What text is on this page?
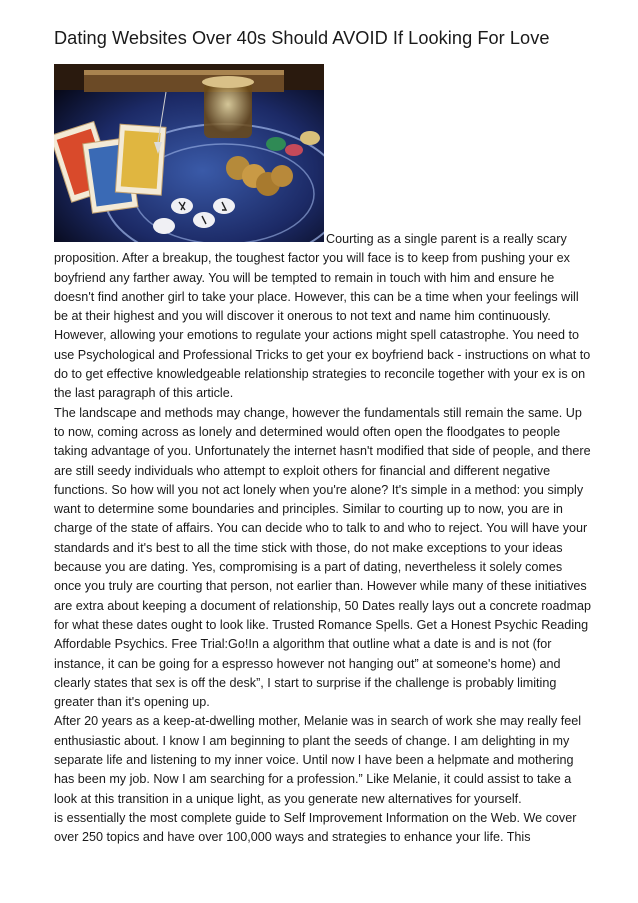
Dating Websites Over 40s Should AVOID If Looking For Love

Courting as a single parent is a really scary proposition. After a breakup, the toughest factor you will face is to keep from pushing your ex boyfriend any farther away. You will be tempted to remain in touch with him and ensure he doesn't find another girl to take your place. However, this can be a time when your feelings will be at their highest and you will discover it onerous to not text and name him continuously. However, allowing your emotions to regulate your actions might spell catastrophe. You need to use Psychological and Professional Tricks to get your ex boyfriend back - instructions on what to do to get effective knowledgeable relationship strategies to reconcile together with your ex is on the last paragraph of this article.

The landscape and methods may change, however the fundamentals still remain the same. Up to now, coming across as lonely and determined would often open the floodgates to people taking advantage of you. Unfortunately the internet hasn't modified that side of people, and there are still seedy individuals who attempt to exploit others for financial and different negative functions. So how will you not act lonely when you're alone? It's simple in a method: you simply want to determine some boundaries and principles. Similar to courting up to now, you are in charge of the state of affairs. You can decide who to talk to and who to reject. You will have your standards and it's best to all the time stick with those, do not make exceptions to your ideas because you are dating. Yes, compromising is a part of dating, nevertheless it solely comes once you truly are courting that person, not earlier than. However while many of these initiatives are extra about keeping a document of relationship, 50 Dates really lays out a concrete roadmap for what these dates ought to look like. Trusted Romance Spells. Get a Honest Psychic Reading Affordable Psychics. Free Trial:Go!In a algorithm that outline what a date is and is not (for instance, it can be going for a espresso however not hanging out” at someone's home) and clearly states that sex is off the desk”, I start to surprise if the challenge is probably limiting greater than it's opening up.

After 20 years as a keep-at-dwelling mother, Melanie was in search of work she may really feel enthusiastic about. I know I am beginning to plant the seeds of change. I am delighting in my separate life and listening to my inner voice. Until now I have been a helpmate and mothering has been my job. Now I am searching for a profession.” Like Melanie, it could assist to take a look at this transition in a unique light, as you generate new alternatives for yourself.

is essentially the most complete guide to Self Improvement Information on the Web. We cover over 250 topics and have over 100,000 ways and strategies to enhance your life. This
